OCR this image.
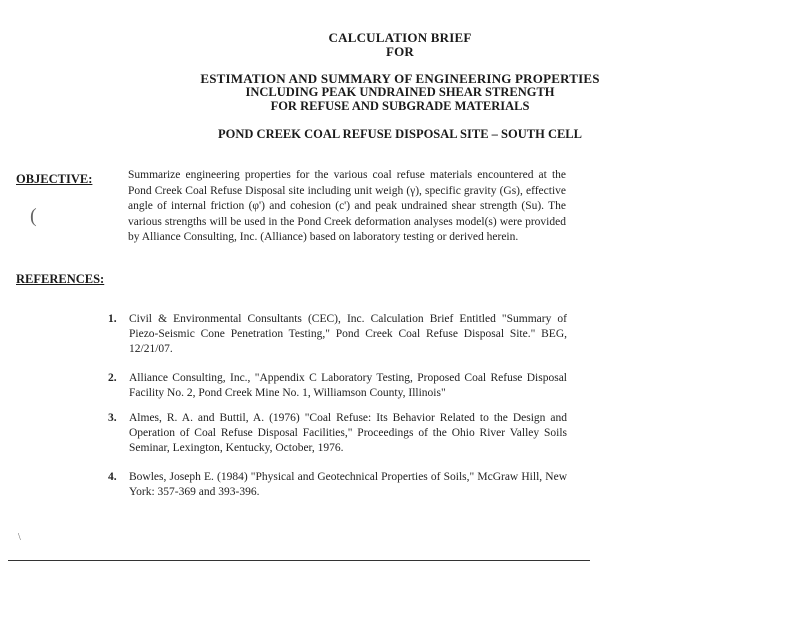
CALCULATION BRIEF
FOR
ESTIMATION AND SUMMARY OF ENGINEERING PROPERTIES
INCLUDING PEAK UNDRAINED SHEAR STRENGTH
FOR REFUSE AND SUBGRADE MATERIALS
POND CREEK COAL REFUSE DISPOSAL SITE – SOUTH CELL
OBJECTIVE:	Summarize engineering properties for the various coal refuse materials encountered at the Pond Creek Coal Refuse Disposal site including unit weigh (γ), specific gravity (Gs), effective angle of internal friction (φ') and cohesion (c') and peak undrained shear strength (Su). The various strengths will be used in the Pond Creek deformation analyses model(s) were provided by Alliance Consulting, Inc. (Alliance) based on laboratory testing or derived herein.
(
REFERENCES:
1.	Civil & Environmental Consultants (CEC), Inc. Calculation Brief Entitled "Summary of Piezo-Seismic Cone Penetration Testing," Pond Creek Coal Refuse Disposal Site." BEG, 12/21/07.
2.	Alliance Consulting, Inc., "Appendix C Laboratory Testing, Proposed Coal Refuse Disposal Facility No. 2, Pond Creek Mine No. 1, Williamson County, Illinois"
3.	Almes, R. A. and Buttil, A. (1976) "Coal Refuse: Its Behavior Related to the Design and Operation of Coal Refuse Disposal Facilities," Proceedings of the Ohio River Valley Soils Seminar, Lexington, Kentucky, October, 1976.
4.	Bowles, Joseph E. (1984) "Physical and Geotechnical Properties of Soils," McGraw Hill, New York: 357-369 and 393-396.
\
